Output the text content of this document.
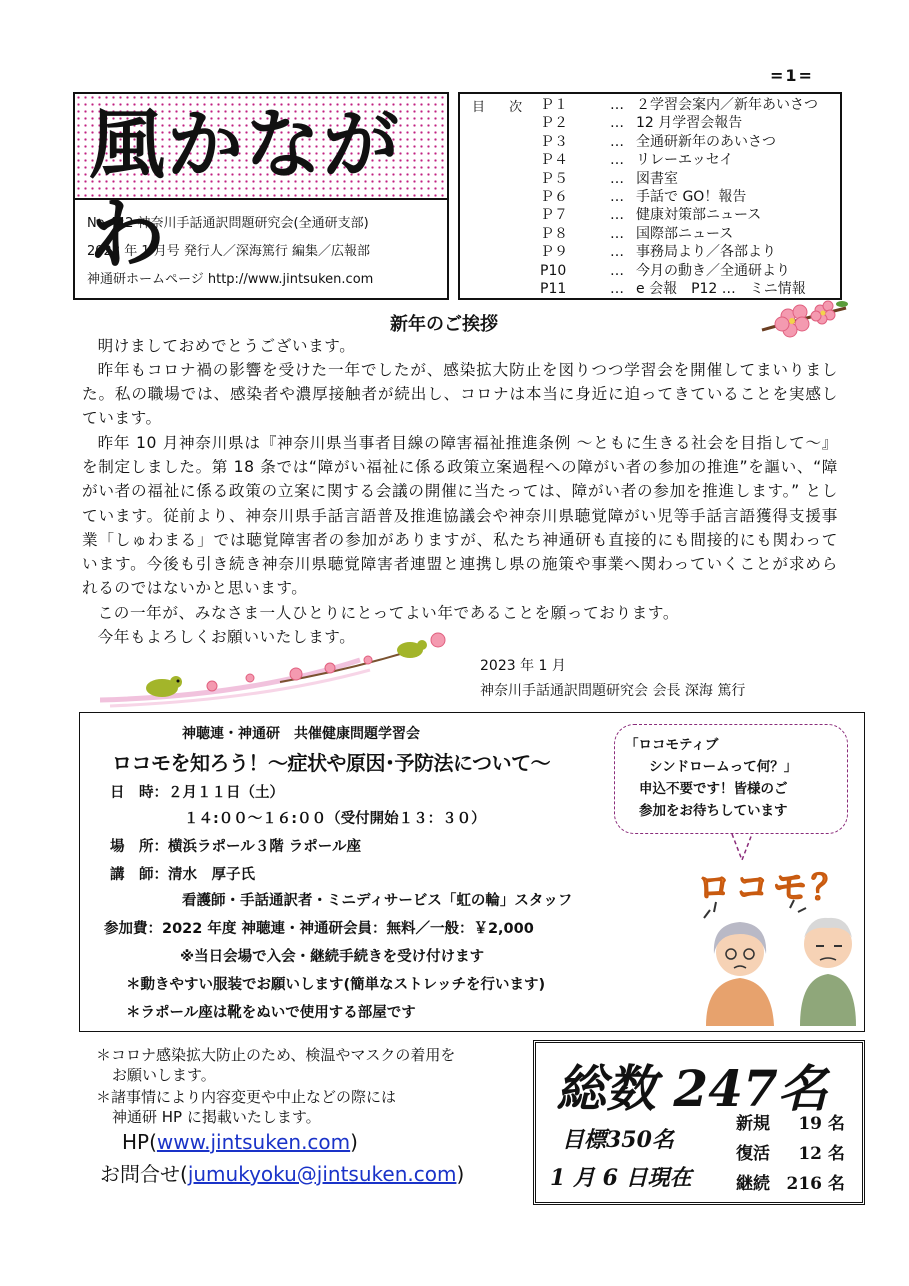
=1=
風かながわ
No.442 神奈川手話通訳問題研究会(全通研支部)
2023 年 1 月号 発行人／深海篤行 編集／広報部
神通研ホームページ http://www.jintsuken.com
目 次 Ｐ１	… ２学習会案内／新年あいさつ
Ｐ２	… 12 月学習会報告
Ｐ３	… 全通研新年のあいさつ
Ｐ４	… リレーエッセイ
Ｐ５	… 図書室
Ｐ６	… 手話で GO！報告
Ｐ７	… 健康対策部ニュース
Ｐ８	… 国際部ニュース
Ｐ９	… 事務局より／各部より
P10	… 今月の動き／全通研より
P11	… e 会報　P12 …　ミニ情報
新年のご挨拶
明けましておめでとうございます。
昨年もコロナ禍の影響を受けた一年でしたが、感染拡大防止を図りつつ学習会を開催してまいりました。私の職場では、感染者や濃厚接触者が続出し、コロナは本当に身近に迫ってきていることを実感しています。
昨年 10 月神奈川県は『神奈川県当事者目線の障害福祉推進条例 ～ともに生きる社会を目指して～』を制定しました。第 18 条では“障がい福祉に係る政策立案過程への障がい者の参加の推進”を謳い、“障がい者の福祉に係る政策の立案に関する会議の開催に当たっては、障がい者の参加を推進します。” としています。従前より、神奈川県手話言語普及推進協議会や神奈川県聴覚障がい児等手話言語獲得支援事業「しゅわまる」では聴覚障害者の参加がありますが、私たち神通研も直接的にも間接的にも関わっています。今後も引き続き神奈川県聴覚障害者連盟と連携し県の施策や事業へ関わっていくことが求められるのではないかと思います。
この一年が、みなさま一人ひとりにとってよい年であることを願っております。
今年もよろしくお願いいたします。
2023 年 1 月
神奈川手話通訳問題研究会 会長 深海 篤行
神聴連・神通研　共催健康問題学習会
ロコモを知ろう！～症状や原因･予防法について～
日　時：２月１１日（土）
１４:００～１６:００（受付開始１３：３０）
場　所：横浜ラポール３階 ラポール座
講　師：清水　厚子氏
看護師・手話通訳者・ミニディサービス「虹の輪」スタッフ
参加費：2022 年度 神聴連・神通研会員：無料／一般：￥2,000
※当日会場で入会・継続手続きを受け付けます
＊動きやすい服装でお願いします(簡単なストレッチを行います)
＊ラポール座は靴をぬいで使用する部屋です
「ロコモティブ
シンドロームって何？」
申込不要です！皆様のご
参加をお待ちしています
ロコモ？
＊コロナ感染拡大防止のため、検温やマスクの着用を
お願いします。
＊諸事情により内容変更や中止などの際には
神通研 HP に掲載いたします。
HP(www.jintsuken.com)
お問合せ(jumukyoku@jintsuken.com)
総数 247名
目標350名
1 月 6 日現在
新規 19 名
復活 12 名
継続 216 名
